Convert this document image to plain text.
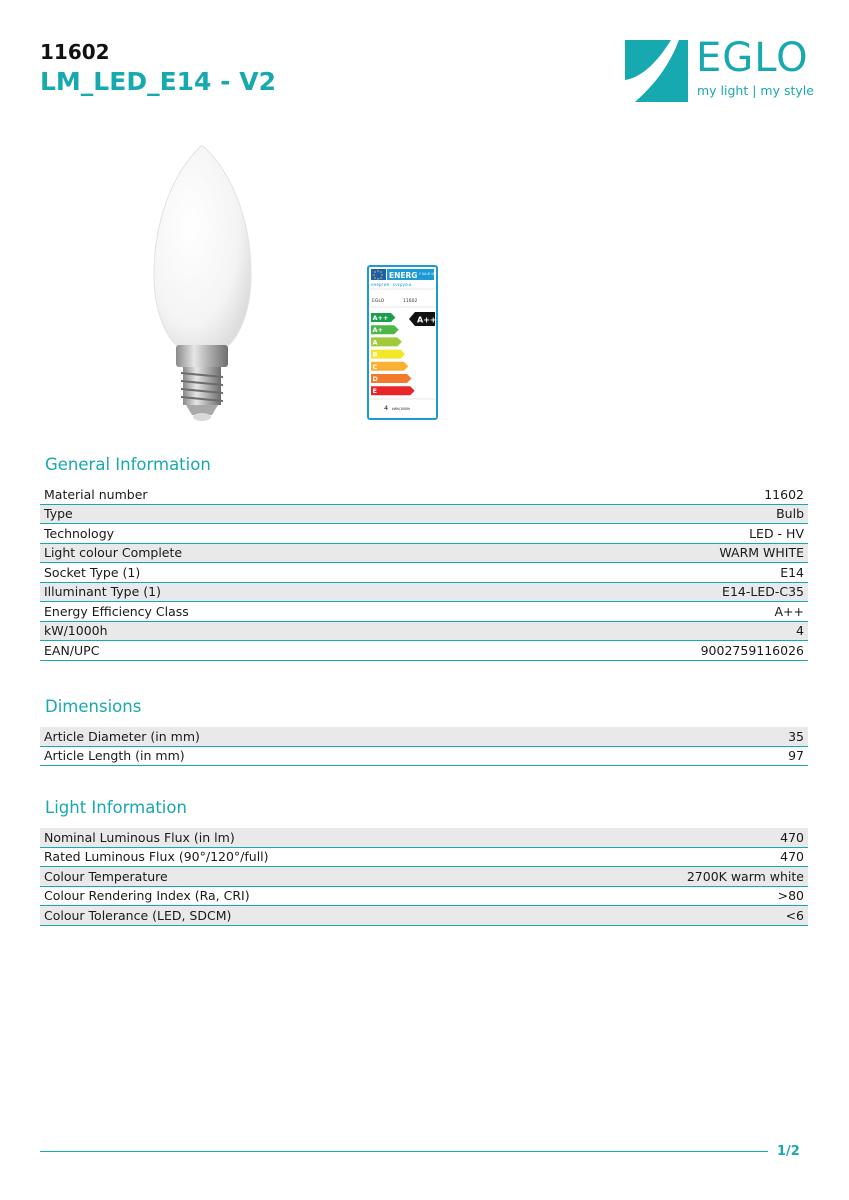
11602
LM_LED_E14 - V2
EGLO
my light | my style
ENERG Y UA IE IA
енергия · ενεργεια
EGLO	11602
A++
A+
A
B
C
D
E
A++
4 kWh/1000h
General Information
Material number	11602
Type	Bulb
Technology	LED - HV
Light colour Complete	WARM WHITE
Socket Type (1)	E14
Illuminant Type (1)	E14-LED-C35
Energy Efficiency Class	A++
kW/1000h	4
EAN/UPC	9002759116026
Dimensions
Article Diameter (in mm)	35
Article Length (in mm)	97
Light Information
Nominal Luminous Flux (in lm)	470
Rated Luminous Flux (90°/120°/full)	470
Colour Temperature	2700K warm white
Colour Rendering Index (Ra, CRI)	>80
Colour Tolerance (LED, SDCM)	<6
1/2
